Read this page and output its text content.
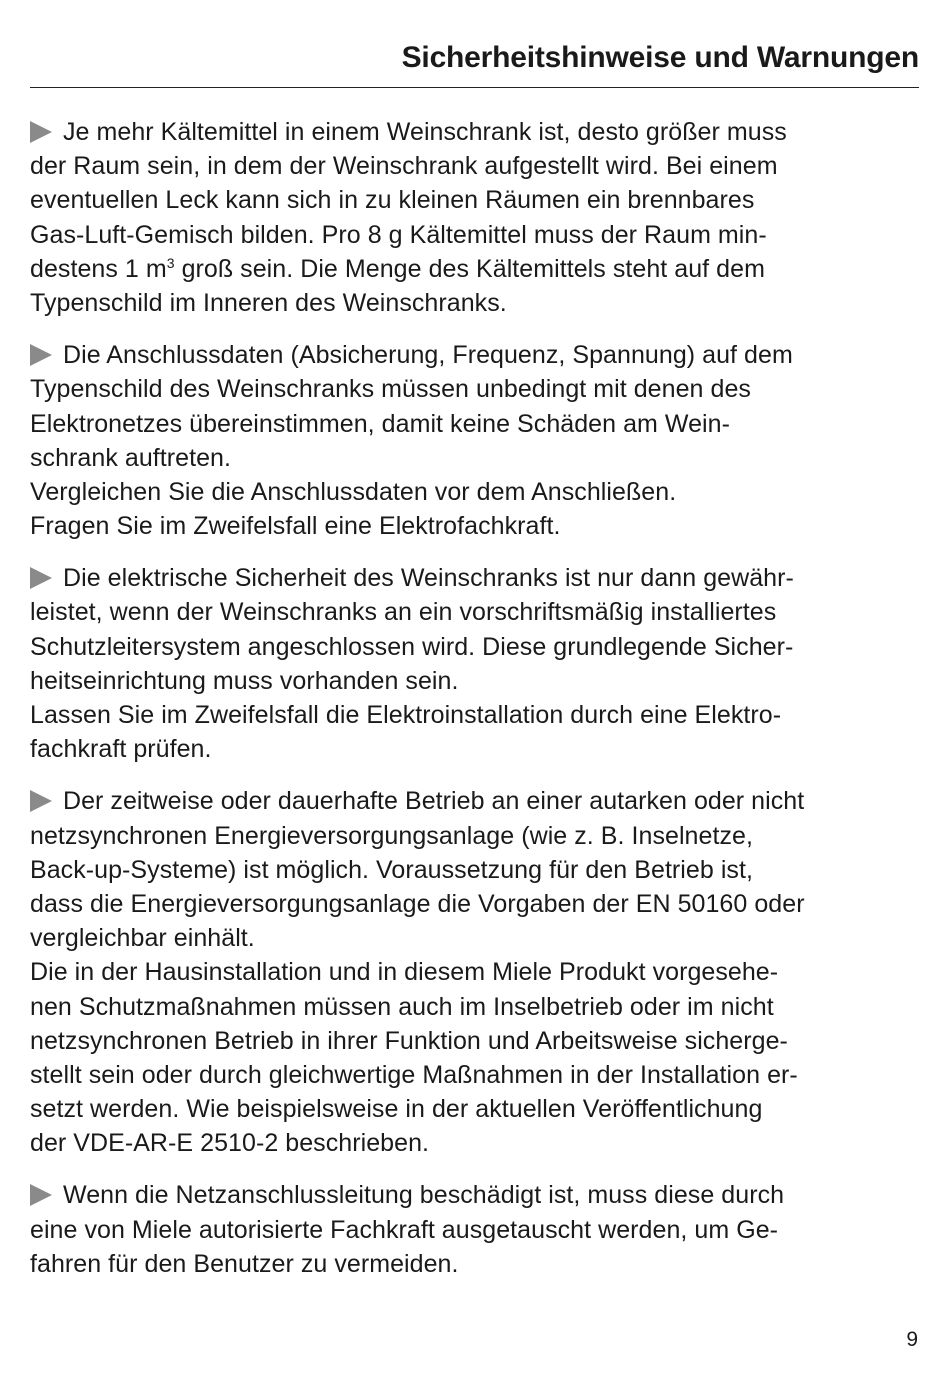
Sicherheitshinweise und Warnungen
Je mehr Kältemittel in einem Weinschrank ist, desto größer muss
der Raum sein, in dem der Weinschrank aufgestellt wird. Bei einem
eventuellen Leck kann sich in zu kleinen Räumen ein brennbares
Gas-Luft-Gemisch bilden. Pro 8 g Kältemittel muss der Raum min-
destens 1 $m^3$ groß sein. Die Menge des Kältemittels steht auf dem
Typenschild im Inneren des Weinschranks.
Die Anschlussdaten (Absicherung, Frequenz, Spannung) auf dem
Typenschild des Weinschranks müssen unbedingt mit denen des
Elektronetzes übereinstimmen, damit keine Schäden am Wein-
schrank auftreten.
Vergleichen Sie die Anschlussdaten vor dem Anschließen.
Fragen Sie im Zweifelsfall eine Elektrofachkraft.
Die elektrische Sicherheit des Weinschranks ist nur dann gewähr-
leistet, wenn der Weinschranks an ein vorschriftsmäßig installiertes
Schutzleitersystem angeschlossen wird. Diese grundlegende Sicher-
heitseinrichtung muss vorhanden sein.
Lassen Sie im Zweifelsfall die Elektroinstallation durch eine Elektro-
fachkraft prüfen.
Der zeitweise oder dauerhafte Betrieb an einer autarken oder nicht
netzsynchronen Energieversorgungsanlage (wie z. B. Inselnetze,
Back-up-Systeme) ist möglich. Voraussetzung für den Betrieb ist,
dass die Energieversorgungsanlage die Vorgaben der EN 50160 oder
vergleichbar einhält.
Die in der Hausinstallation und in diesem Miele Produkt vorgesehe-
nen Schutzmaßnahmen müssen auch im Inselbetrieb oder im nicht
netzsynchronen Betrieb in ihrer Funktion und Arbeitsweise sicherge-
stellt sein oder durch gleichwertige Maßnahmen in der Installation er-
setzt werden. Wie beispielsweise in der aktuellen Veröffentlichung
der VDE-AR-E 2510-2 beschrieben.
Wenn die Netzanschlussleitung beschädigt ist, muss diese durch
eine von Miele autorisierte Fachkraft ausgetauscht werden, um Ge-
fahren für den Benutzer zu vermeiden.
9
